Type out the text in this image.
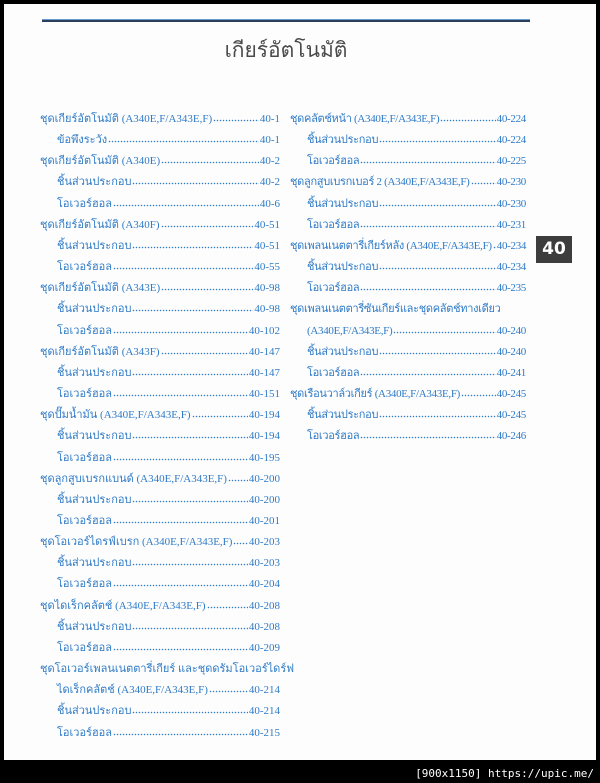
เกียร์อัตโนมัติ
ชุดเกียร์อัตโนมัติ (A340E,F/A343E,F)	40-1
ข้อพึงระวัง	40-1
ชุดเกียร์อัตโนมัติ (A340E)	40-2
ชิ้นส่วนประกอบ	40-2
โอเวอร์ฮอล	40-6
ชุดเกียร์อัตโนมัติ (A340F)	40-51
ชิ้นส่วนประกอบ	40-51
โอเวอร์ฮอล	40-55
ชุดเกียร์อัตโนมัติ (A343E)	40-98
ชิ้นส่วนประกอบ	40-98
โอเวอร์ฮอล	40-102
ชุดเกียร์อัตโนมัติ (A343F)	40-147
ชิ้นส่วนประกอบ	40-147
โอเวอร์ฮอล	40-151
ชุดปั๊มน้ำมัน (A340E,F/A343E,F)	40-194
ชิ้นส่วนประกอบ	40-194
โอเวอร์ฮอล	40-195
ชุดลูกสูบเบรกแบนด์ (A340E,F/A343E,F) 40-200
ชิ้นส่วนประกอบ	40-200
โอเวอร์ฮอล	40-201
ชุดโอเวอร์ไดรฟ์เบรก (A340E,F/A343E,F) 40-203
ชิ้นส่วนประกอบ	40-203
โอเวอร์ฮอล	40-204
ชุดไดเร็กคลัตช์ (A340E,F/A343E,F)	40-208
ชิ้นส่วนประกอบ	40-208
โอเวอร์ฮอล	40-209
ชุดโอเวอร์เพลนเนตตารี่เกียร์ และชุดดรัมโอเวอร์ไดร์ฟ
ไดเร็กคลัตช์ (A340E,F/A343E,F)	40-214
ชิ้นส่วนประกอบ	40-214
โอเวอร์ฮอล	40-215
ชุดคลัตช์หน้า (A340E,F/A343E,F)	40-224
ชิ้นส่วนประกอบ	40-224
โอเวอร์ฮอล	40-225
ชุดลูกสูบเบรกเบอร์ 2 (A340E,F/A343E,F) 40-230
ชิ้นส่วนประกอบ	40-230
โอเวอร์ฮอล	40-231
ชุดเพลนเนตตารี่เกียร์หลัง (A340E,F/A343E,F) 40-234
ชิ้นส่วนประกอบ	40-234
โอเวอร์ฮอล	40-235
ชุดเพลนเนตตารี่ซันเกียร์และชุดคลัตช์ทางเดียว
(A340E,F/A343E,F)	40-240
ชิ้นส่วนประกอบ	40-240
โอเวอร์ฮอล	40-241
ชุดเรือนวาล์วเกียร์ (A340E,F/A343E,F)	40-245
ชิ้นส่วนประกอบ	40-245
โอเวอร์ฮอล	40-246
40
[900x1150] https://upic.me/
